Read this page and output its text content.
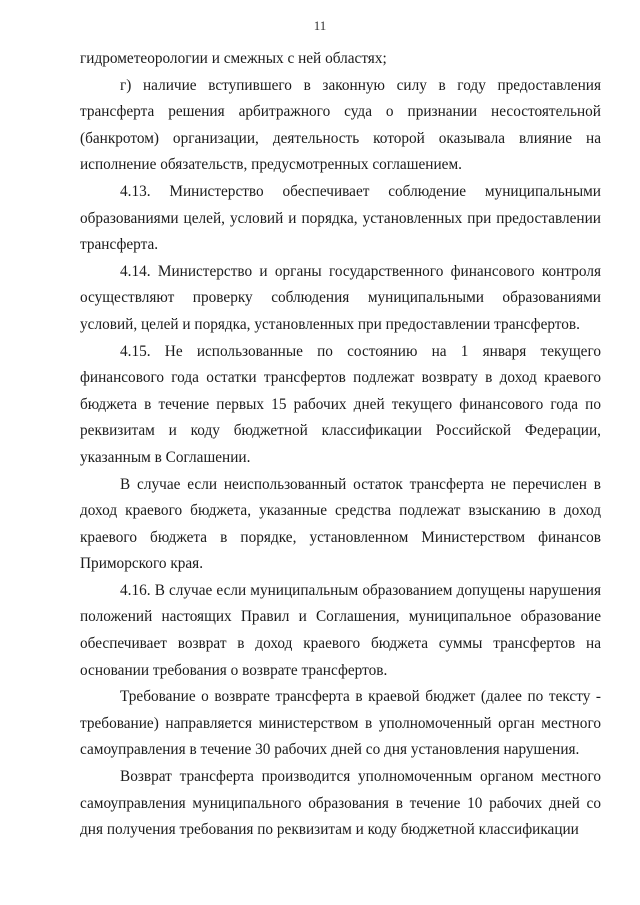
11

гидрометеорологии и смежных с ней областях;

г) наличие вступившего в законную силу в году предоставления трансферта решения арбитражного суда о признании несостоятельной (банкротом) организации, деятельность которой оказывала влияние на исполнение обязательств, предусмотренных соглашением.

4.13. Министерство обеспечивает соблюдение муниципальными образованиями целей, условий и порядка, установленных при предоставлении трансферта.

4.14. Министерство и органы государственного финансового контроля осуществляют проверку соблюдения муниципальными образованиями условий, целей и порядка, установленных при предоставлении трансфертов.

4.15. Не использованные по состоянию на 1 января текущего финансового года остатки трансфертов подлежат возврату в доход краевого бюджета в течение первых 15 рабочих дней текущего финансового года по реквизитам и коду бюджетной классификации Российской Федерации, указанным в Соглашении.

В случае если неиспользованный остаток трансферта не перечислен в доход краевого бюджета, указанные средства подлежат взысканию в доход краевого бюджета в порядке, установленном Министерством финансов Приморского края.

4.16. В случае если муниципальным образованием допущены нарушения положений настоящих Правил и Соглашения, муниципальное образование обеспечивает возврат в доход краевого бюджета суммы трансфертов на основании требования о возврате трансфертов.

Требование о возврате трансферта в краевой бюджет (далее по тексту - требование) направляется министерством в уполномоченный орган местного самоуправления в течение 30 рабочих дней со дня установления нарушения.

Возврат трансферта производится уполномоченным органом местного самоуправления муниципального образования в течение 10 рабочих дней со дня получения требования по реквизитам и коду бюджетной классификации
